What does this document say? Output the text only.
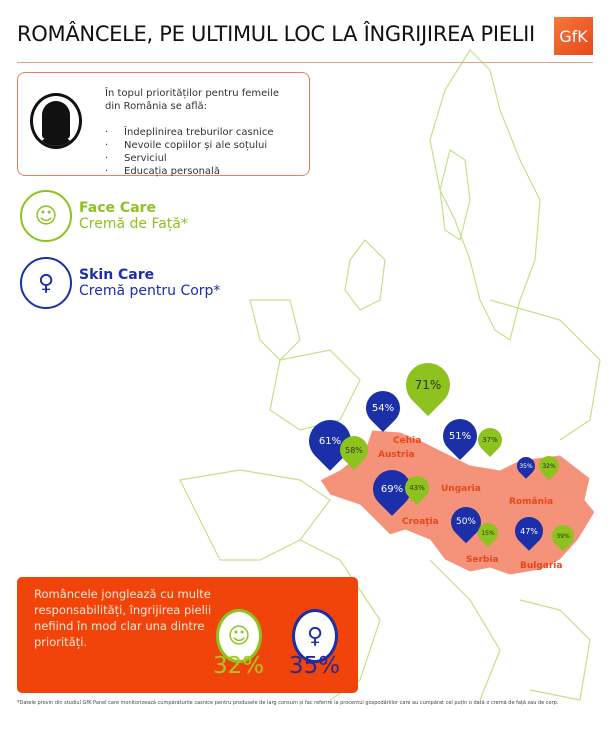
ROMÂNCELE, PE ULTIMUL LOC LA ÎNGRIJIREA PIELII	GfK
În topul priorităților pentru femeile din România se află:
· Îndeplinirea treburilor casnice
· Nevoile copiilor și ale soțului
· Serviciul
· Educația personală
☺	Face Care
Cremă de Față*
♀	Skin Care
Cremă pentru Corp*
Austria
Cehia
Ungaria
Croația
Serbia
România
Bulgaria
61%
58%
54%
71%
51%	37%
69% 43%
50%
15%
35%	32%
47%
39%
Româncele jonglează cu multe responsabilități, îngrijirea pielii nefiind în mod clar una dintre priorități.	☺	♀
32% 35%
*Datele provin din studiul GfK Panel care monitorizează cumpărăturile casnice pentru produsele de larg consum și fac referire la procentul gospodăriilor care au cumpărat cel puțin o dată o cremă de față sau de corp.
